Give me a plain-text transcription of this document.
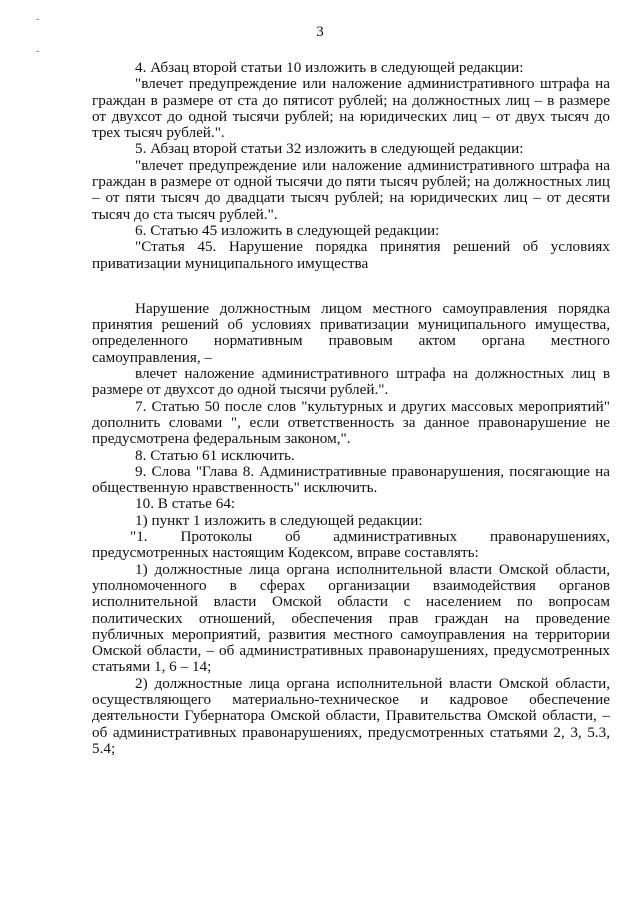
3
-
-

4. Абзац второй статьи 10 изложить в следующей редакции:

"влечет предупреждение или наложение административного штрафа на граждан в размере от ста до пятисот рублей; на должностных лиц – в размере от двухсот до одной тысячи рублей; на юридических лиц – от двух тысяч до трех тысяч рублей.".

5. Абзац второй статьи 32 изложить в следующей редакции:

"влечет предупреждение или наложение административного штрафа на граждан в размере от одной тысячи до пяти тысяч рублей; на должностных лиц – от пяти тысяч до двадцати тысяч рублей; на юридических лиц – от десяти тысяч до ста тысяч рублей.".

6. Статью 45 изложить в следующей редакции:

"Статья 45. Нарушение порядка принятия решений об условиях приватизации муниципального имущества

Нарушение должностным лицом местного самоуправления порядка принятия решений об условиях приватизации муниципального имущества, определенного нормативным правовым актом органа местного самоуправления, –

влечет наложение административного штрафа на должностных лиц в размере от двухсот до одной тысячи рублей.".

7. Статью 50 после слов "культурных и других массовых мероприятий" дополнить словами ", если ответственность за данное правонарушение не предусмотрена федеральным законом,".

8. Статью 61 исключить.

9. Слова "Глава 8. Административные правонарушения, посягающие на общественную нравственность" исключить.

10. В статье 64:

1) пункт 1 изложить в следующей редакции:

"1. Протоколы об административных правонарушениях, предусмотренных настоящим Кодексом, вправе составлять:

1) должностные лица органа исполнительной власти Омской области, уполномоченного в сферах организации взаимодействия органов исполнительной власти Омской области с населением по вопросам политических отношений, обеспечения прав граждан на проведение публичных мероприятий, развития местного самоуправления на территории Омской области, – об административных правонарушениях, предусмотренных статьями 1, 6 – 14;

2) должностные лица органа исполнительной власти Омской области, осуществляющего материально-техническое и кадровое обеспечение деятельности Губернатора Омской области, Правительства Омской области, – об административных правонарушениях, предусмотренных статьями 2, 3, 5.3, 5.4;
